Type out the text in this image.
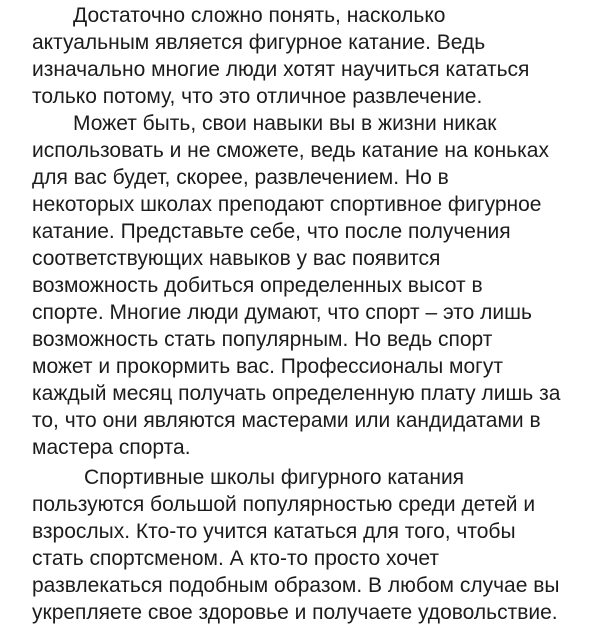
Достаточно сложно понять, насколько
актуальным является фигурное катание. Ведь
изначально многие люди хотят научиться кататься
только потому, что это отличное развлечение.
Может быть, свои навыки вы в жизни никак
использовать и не сможете, ведь катание на коньках
для вас будет, скорее, развлечением. Но в
некоторых школах преподают спортивное фигурное
катание. Представьте себе, что после получения
соответствующих навыков у вас появится
возможность добиться определенных высот в
спорте. Многие люди думают, что спорт – это лишь
возможность стать популярным. Но ведь спорт
может и прокормить вас. Профессионалы могут
каждый месяц получать определенную плату лишь за
то, что они являются мастерами или кандидатами в
мастера спорта.
Спортивные школы фигурного катания
пользуются большой популярностью среди детей и
взрослых. Кто-то учится кататься для того, чтобы
стать спортсменом. А кто-то просто хочет
развлекаться подобным образом. В любом случае вы
укрепляете свое здоровье и получаете удовольствие.
